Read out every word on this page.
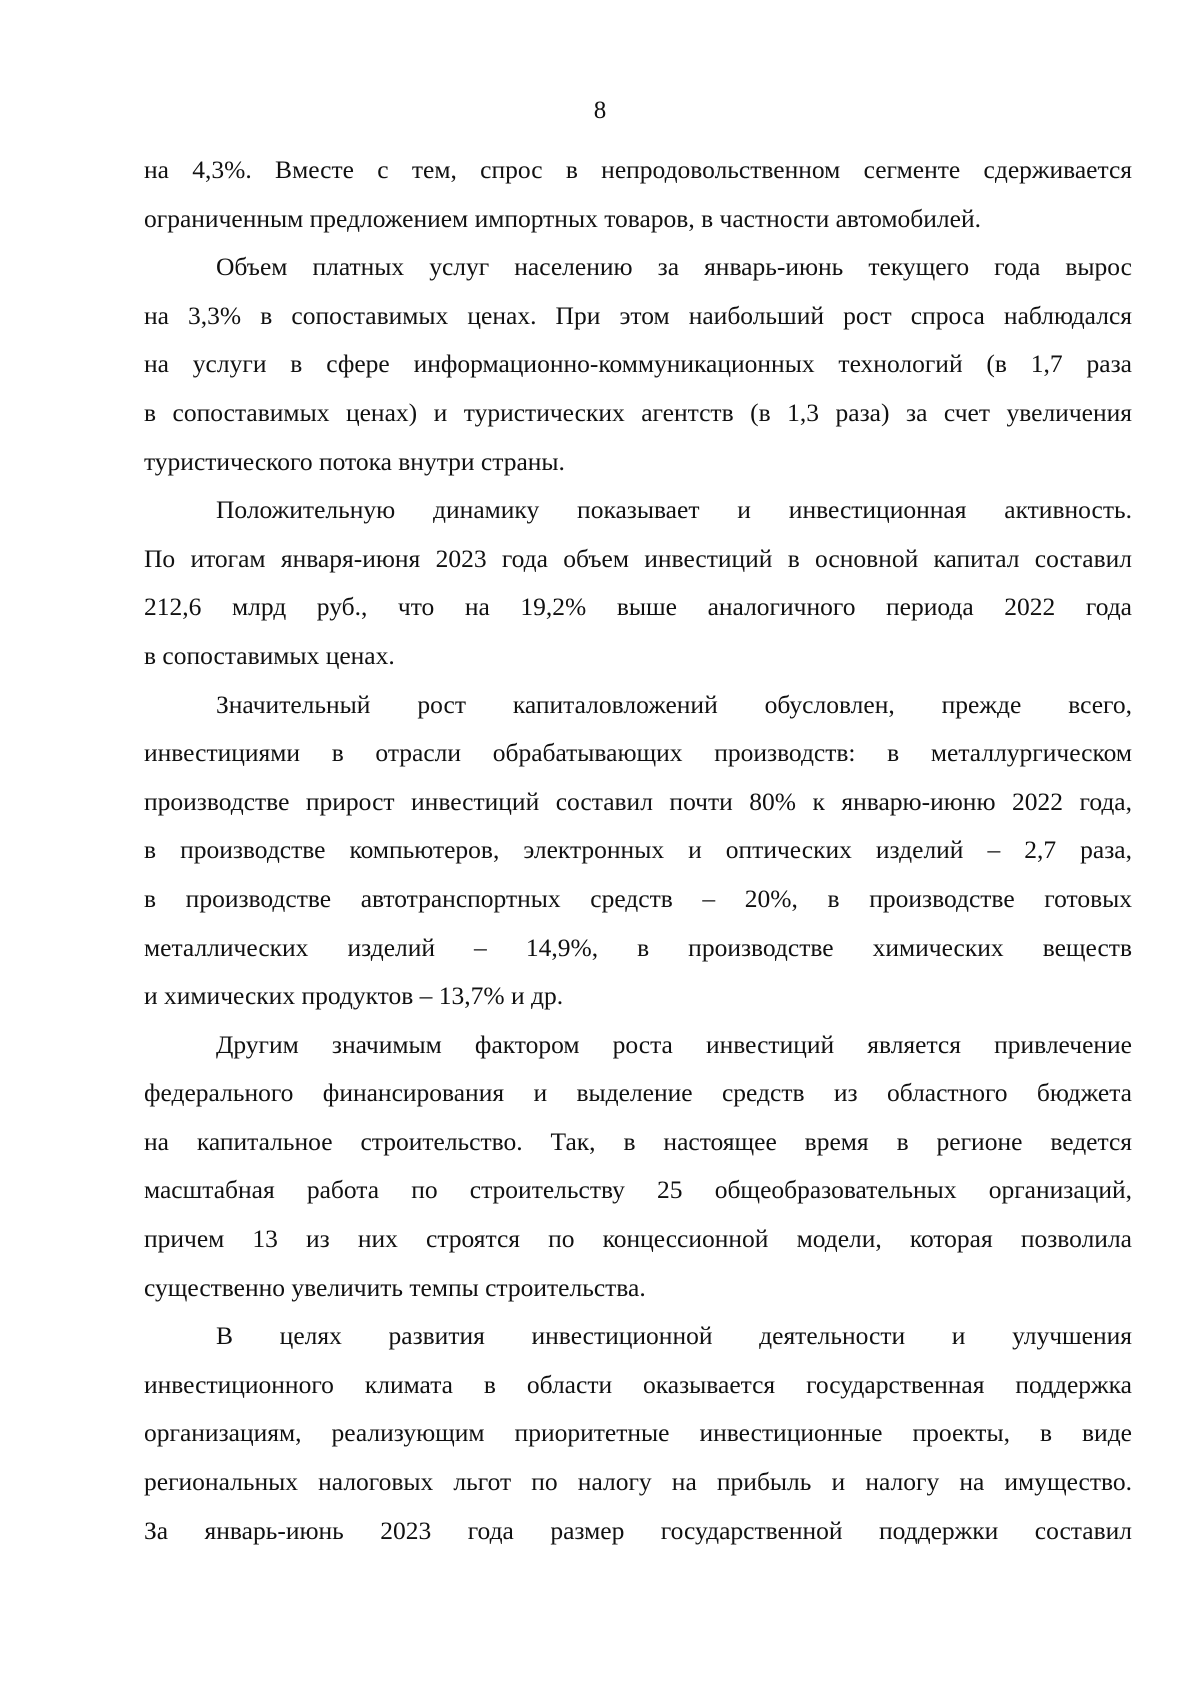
8
на 4,3%. Вместе с тем, спрос в непродовольственном сегменте сдерживается
ограниченным предложением импортных товаров, в частности автомобилей.
Объем платных услуг населению за январь-июнь текущего года вырос
на 3,3% в сопоставимых ценах. При этом наибольший рост спроса наблюдался
на услуги в сфере информационно-коммуникационных технологий (в 1,7 раза
в сопоставимых ценах) и туристических агентств (в 1,3 раза) за счет увеличения
туристического потока внутри страны.
Положительную динамику показывает и инвестиционная активность.
По итогам января-июня 2023 года объем инвестиций в основной капитал составил
212,6 млрд руб., что на 19,2% выше аналогичного периода 2022 года
в сопоставимых ценах.
Значительный рост капиталовложений обусловлен, прежде всего,
инвестициями в отрасли обрабатывающих производств: в металлургическом
производстве прирост инвестиций составил почти 80% к январю-июню 2022 года,
в производстве компьютеров, электронных и оптических изделий – 2,7 раза,
в производстве автотранспортных средств – 20%, в производстве готовых
металлических изделий – 14,9%, в производстве химических веществ
и химических продуктов – 13,7% и др.
Другим значимым фактором роста инвестиций является привлечение
федерального финансирования и выделение средств из областного бюджета
на капитальное строительство. Так, в настоящее время в регионе ведется
масштабная работа по строительству 25 общеобразовательных организаций,
причем 13 из них строятся по концессионной модели, которая позволила
существенно увеличить темпы строительства.
В целях развития инвестиционной деятельности и улучшения
инвестиционного климата в области оказывается государственная поддержка
организациям, реализующим приоритетные инвестиционные проекты, в виде
региональных налоговых льгот по налогу на прибыль и налогу на имущество.
За январь-июнь 2023 года размер государственной поддержки составил
